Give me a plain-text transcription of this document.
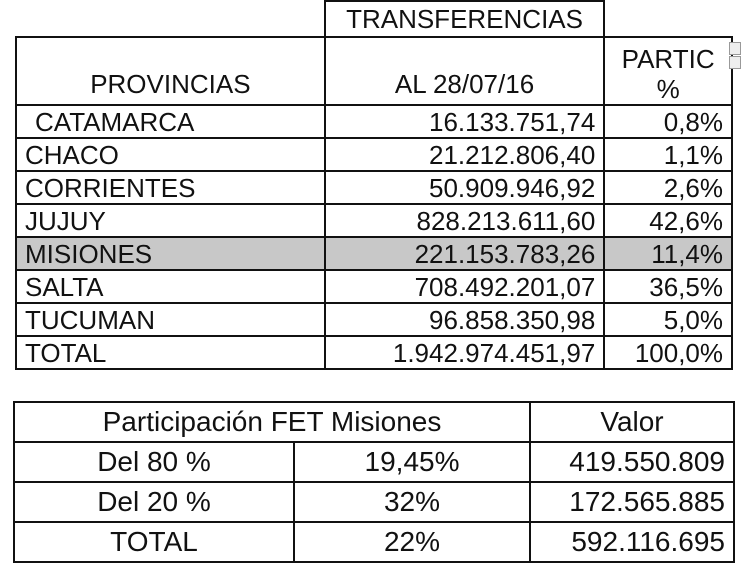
	TRANSFERENCIAS	
PROVINCIAS	AL 28/07/16	PARTIC
%
CATAMARCA	16.133.751,74	0,8%
CHACO	21.212.806,40	1,1%
CORRIENTES	50.909.946,92	2,6%
JUJUY	828.213.611,60	42,6%
MISIONES	221.153.783,26	11,4%
SALTA	708.492.201,07	36,5%
TUCUMAN	96.858.350,98	5,0%
TOTAL	1.942.974.451,97	100,0%
Participación FET Misiones		Valor
Del 80 %	19,45%	419.550.809
Del 20 %	32%	172.565.885
TOTAL	22%	592.116.695
